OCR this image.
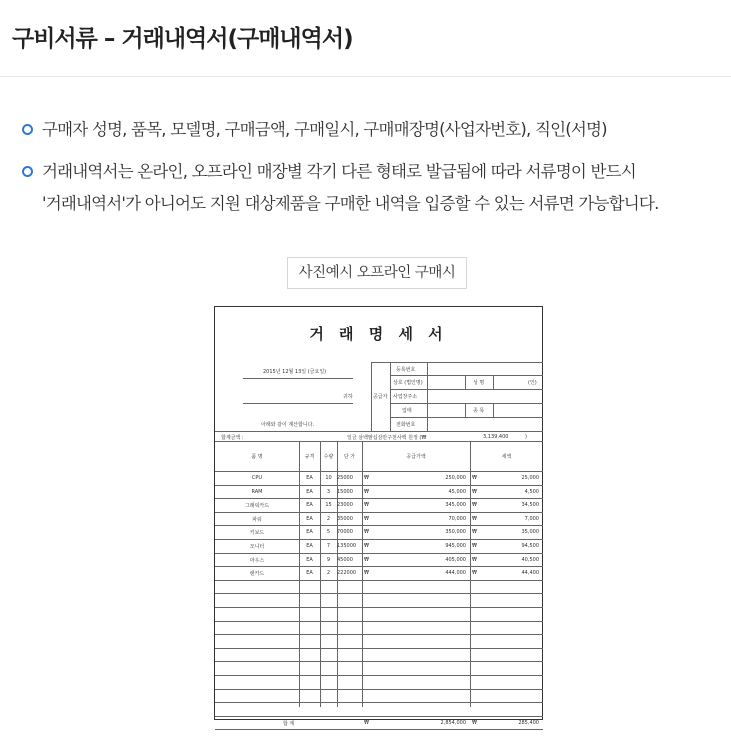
구비서류 – 거래내역서(구매내역서)
구매자 성명, 품목, 모델명, 구매금액, 구매일시, 구매매장명(사업자번호), 직인(서명)
거래내역서는 온라인, 오프라인 매장별 각기 다른 형태로 발급됨에 따라 서류명이 반드시
'거래내역서'가 아니어도 지원 대상제품을 구매한 내역을 입증할 수 있는 서류면 가능합니다.
사진예시 오프라인 구매시
거 래 명 세 서
2015년 12월 13일 (금요일)
귀하
아래와 같이 계산합니다.
공급자
등록번호
상호 (법인명)
사업장주소
업태
전화번호
성 명	(인)
종 목
합계금액 :	일금 삼백팔십삼만구천사백 원정 (₩	3,139,400	)
품 명	규격	수량	단 가	공급가액	세액
CPU	EA	10	25000 ₩	250,000 ₩	25,000
RAM	EA	3	15000 ₩	45,000 ₩	4,500
그래픽카드	EA	15	23000 ₩	345,000 ₩	34,500
파워	EA	2	35000 ₩	70,000 ₩	7,000
키보드	EA	5	70000 ₩	350,000 ₩	35,000
모니터	EA	7	135000 ₩	945,000 ₩	94,500
마우스	EA	9	45000 ₩	405,000 ₩	40,500
랜카드	EA	2	222000 ₩	444,000 ₩	44,400
합 계	₩	2,854,000 ₩	285,400
